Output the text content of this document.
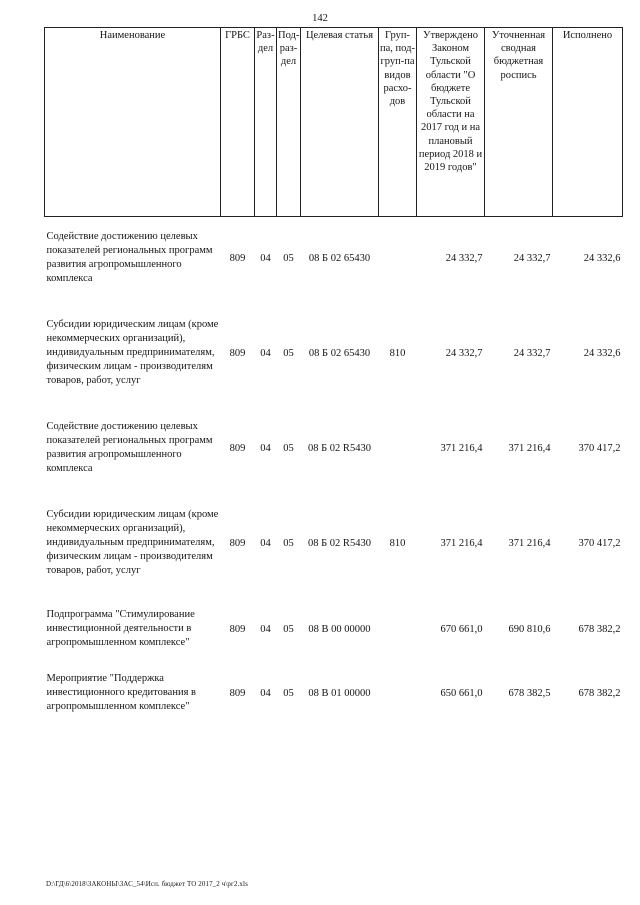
142
Наименование	ГРБС	Раз-дел	Под-раз-дел	Целевая статья	Груп-па, под-груп-па видов расхо-дов	Утверждено Законом Тульской области "О бюджете Тульской области на 2017 год и на плановый период 2018 и 2019 годов"	Уточненная сводная бюджетная роспись	Исполнено
Содействие достижению целевых показателей региональных программ развития агропромышленного комплекса	809	04	05	08 Б 02 65430		24 332,7	24 332,7	24 332,6
Субсидии юридическим лицам (кроме некоммерческих организаций), индивидуальным предпринимателям, физическим лицам - производителям товаров, работ, услуг	809	04	05	08 Б 02 65430	810	24 332,7	24 332,7	24 332,6
Содействие достижению целевых показателей региональных программ развития агропромышленного комплекса	809	04	05	08 Б 02 R5430		371 216,4	371 216,4	370 417,2
Субсидии юридическим лицам (кроме некоммерческих организаций), индивидуальным предпринимателям, физическим лицам - производителям товаров, работ, услуг	809	04	05	08 Б 02 R5430	810	371 216,4	371 216,4	370 417,2
Подпрограмма "Стимулирование инвестиционной деятельности в агропромышленном комплексе"	809	04	05	08 В 00 00000		670 661,0	690 810,6	678 382,2
Мероприятие "Поддержка инвестиционного кредитования в агропромышленном комплексе"	809	04	05	08 В 01 00000		650 661,0	678 382,5	678 382,2
D:\ГД\6\2018\ЗАКОНЫ\ЗАС_54\Исп. бюджет ТО 2017_2 ч\рг2.xls
